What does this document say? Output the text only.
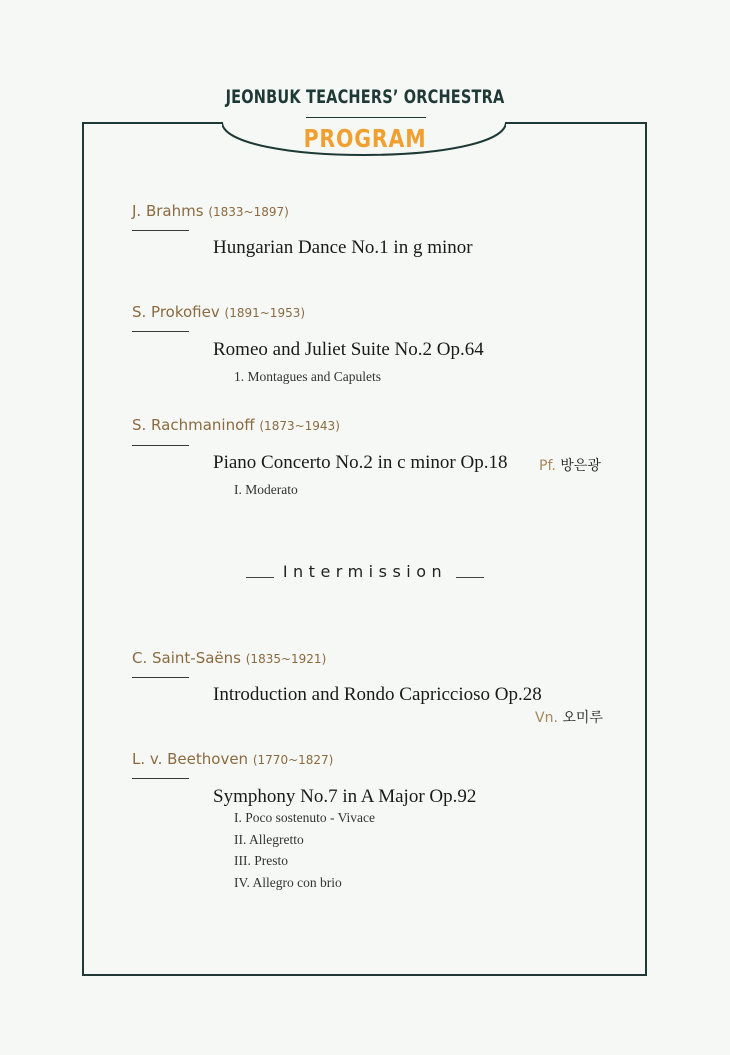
JEONBUK TEACHERS’ ORCHESTRA
PROGRAM
J. Brahms (1833~1897)
Hungarian Dance No.1 in g minor
S. Prokofiev (1891~1953)
Romeo and Juliet Suite No.2 Op.64
1. Montagues and Capulets
S. Rachmaninoff (1873~1943)
Piano Concerto No.2 in c minor Op.18 Pf. 방은광
I. Moderato
Intermission
C. Saint-Saëns (1835~1921)
Introduction and Rondo Capriccioso Op.28
Vn. 오미루
L. v. Beethoven (1770~1827)
Symphony No.7 in A Major Op.92
I. Poco sostenuto - Vivace
II. Allegretto
III. Presto
IV. Allegro con brio
